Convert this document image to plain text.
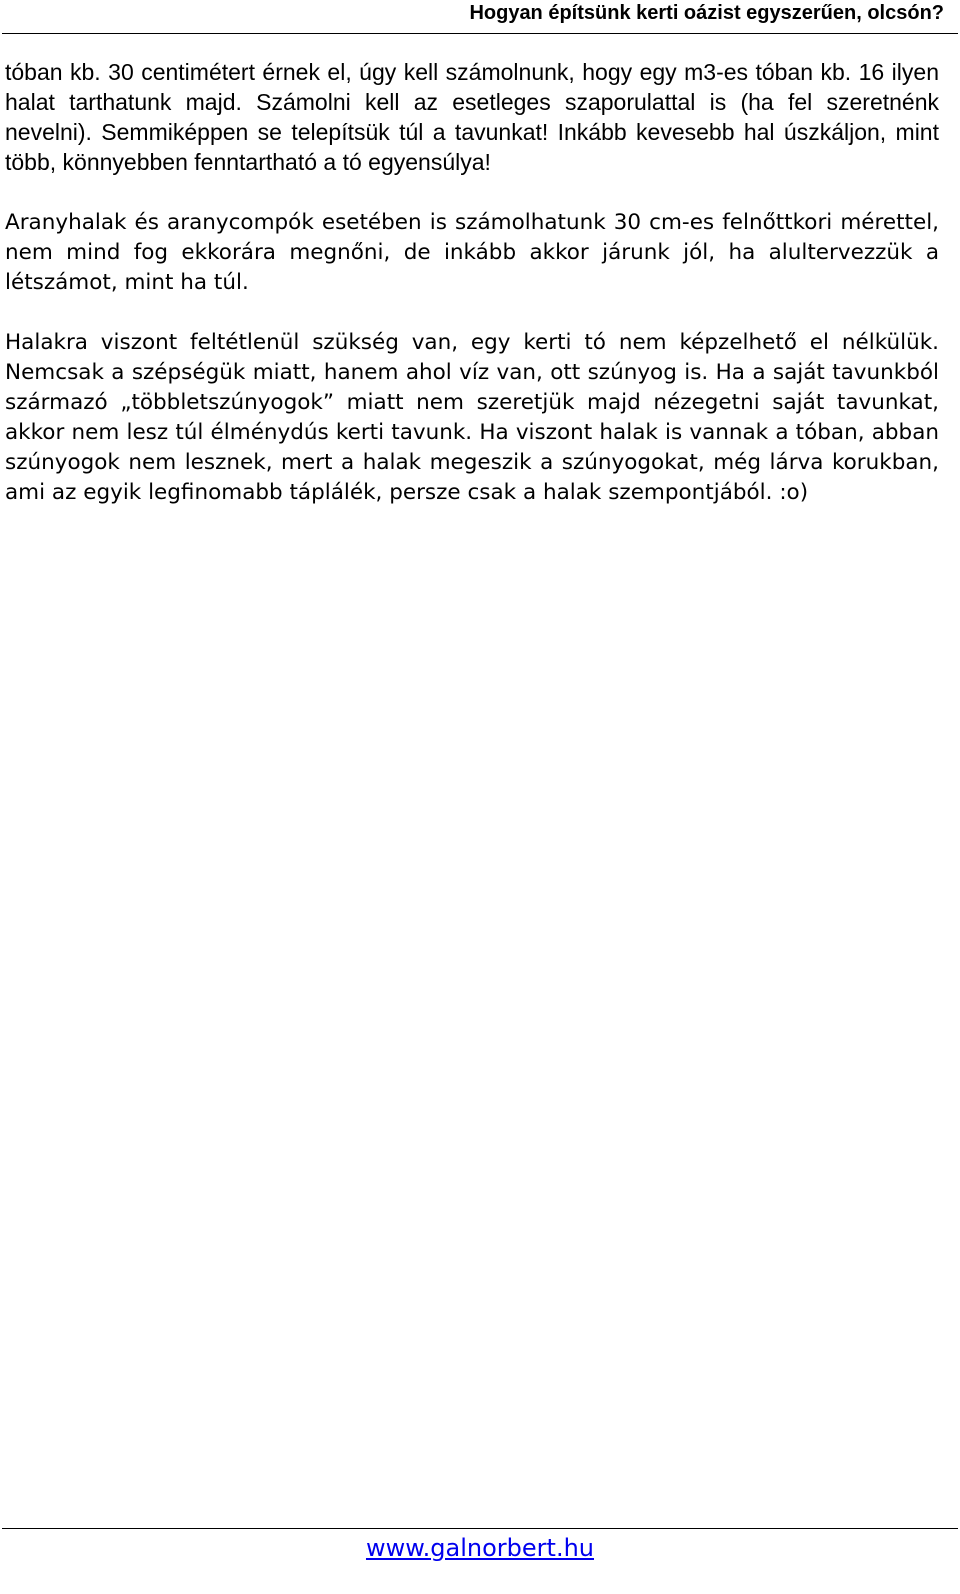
Hogyan építsünk kerti oázist egyszerűen, olcsón?

tóban kb. 30 centimétert érnek el, úgy kell számolnunk, hogy egy m3-es tóban kb. 16 ilyen halat tarthatunk majd. Számolni kell az esetleges szaporulattal is (ha fel szeretnénk nevelni). Semmiképpen se telepítsük túl a tavunkat! Inkább kevesebb hal úszkáljon, mint több, könnyebben fenntartható a tó egyensúlya!

Aranyhalak és aranycompók esetében is számolhatunk 30 cm-es felnőttkori mérettel, nem mind fog ekkorára megnőni, de inkább akkor járunk jól, ha alultervezzük a létszámot, mint ha túl.

Halakra viszont feltétlenül szükség van, egy kerti tó nem képzelhető el nélkülük. Nemcsak a szépségük miatt, hanem ahol víz van, ott szúnyog is. Ha a saját tavunkból származó „többletszúnyogok” miatt nem szeretjük majd nézegetni saját tavunkat, akkor nem lesz túl élménydús kerti tavunk. Ha viszont halak is vannak a tóban, abban szúnyogok nem lesznek, mert a halak megeszik a szúnyogokat, még lárva korukban, ami az egyik legfinomabb táplálék, persze csak a halak szempontjából. :o)

www.galnorbert.hu
